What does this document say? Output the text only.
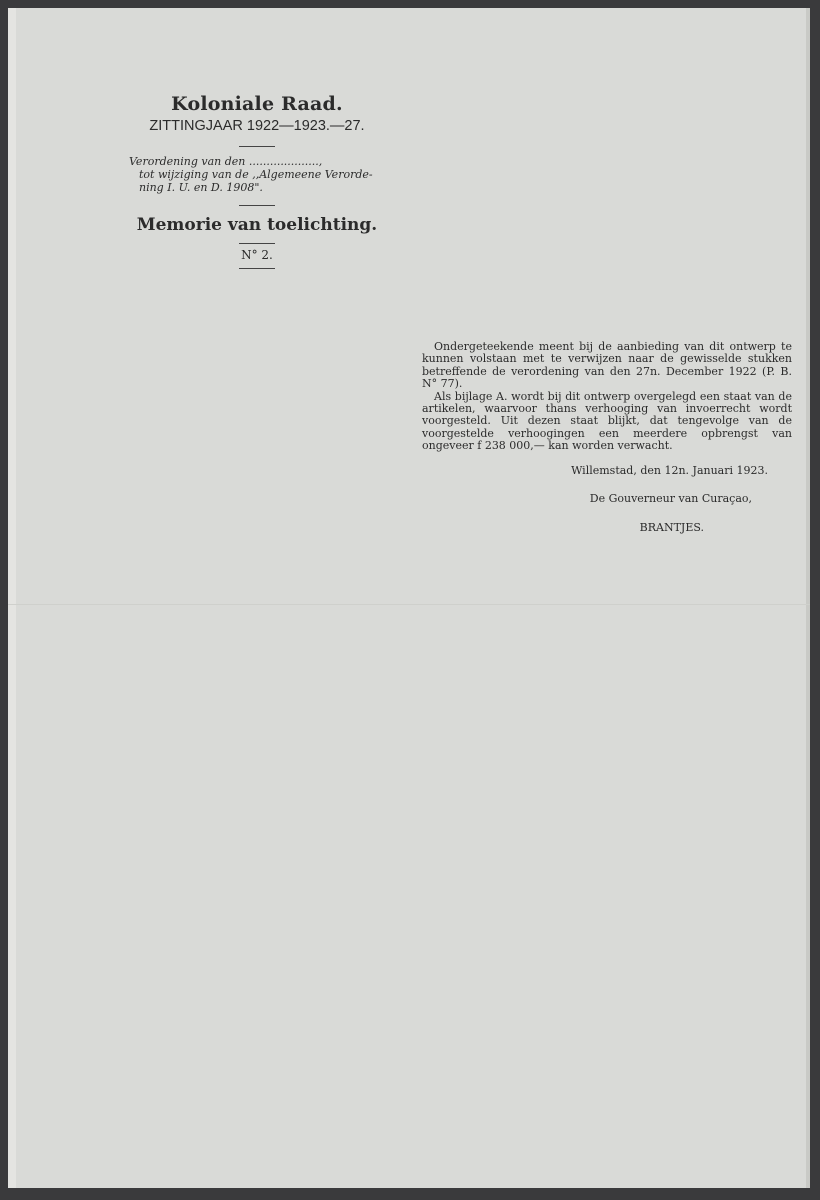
Koloniale Raad.
ZITTINGJAAR 1922—1923.—27.
Verordening van den ....................,
tot wijziging van de ,,Algemeene Verorde-
ning I. U. en D. 1908".
Memorie van toelichting.
N° 2.

Ondergeteekende meent bij de aanbieding van dit ontwerp te kunnen volstaan met te verwijzen naar de gewisselde stukken betreffende de verordening van den 27n. December 1922 (P. B. N° 77).

Als bijlage A. wordt bij dit ontwerp overgelegd een staat van de artikelen, waarvoor thans verhooging van invoerrecht wordt voorgesteld. Uit dezen staat blijkt, dat tengevolge van de voorgestelde verhoogingen een meerdere opbrengst van ongeveer f 238 000,— kan worden verwacht.

Willemstad, den 12n. Januari 1923.
De Gouverneur van Curaçao,
BRANTJES.
